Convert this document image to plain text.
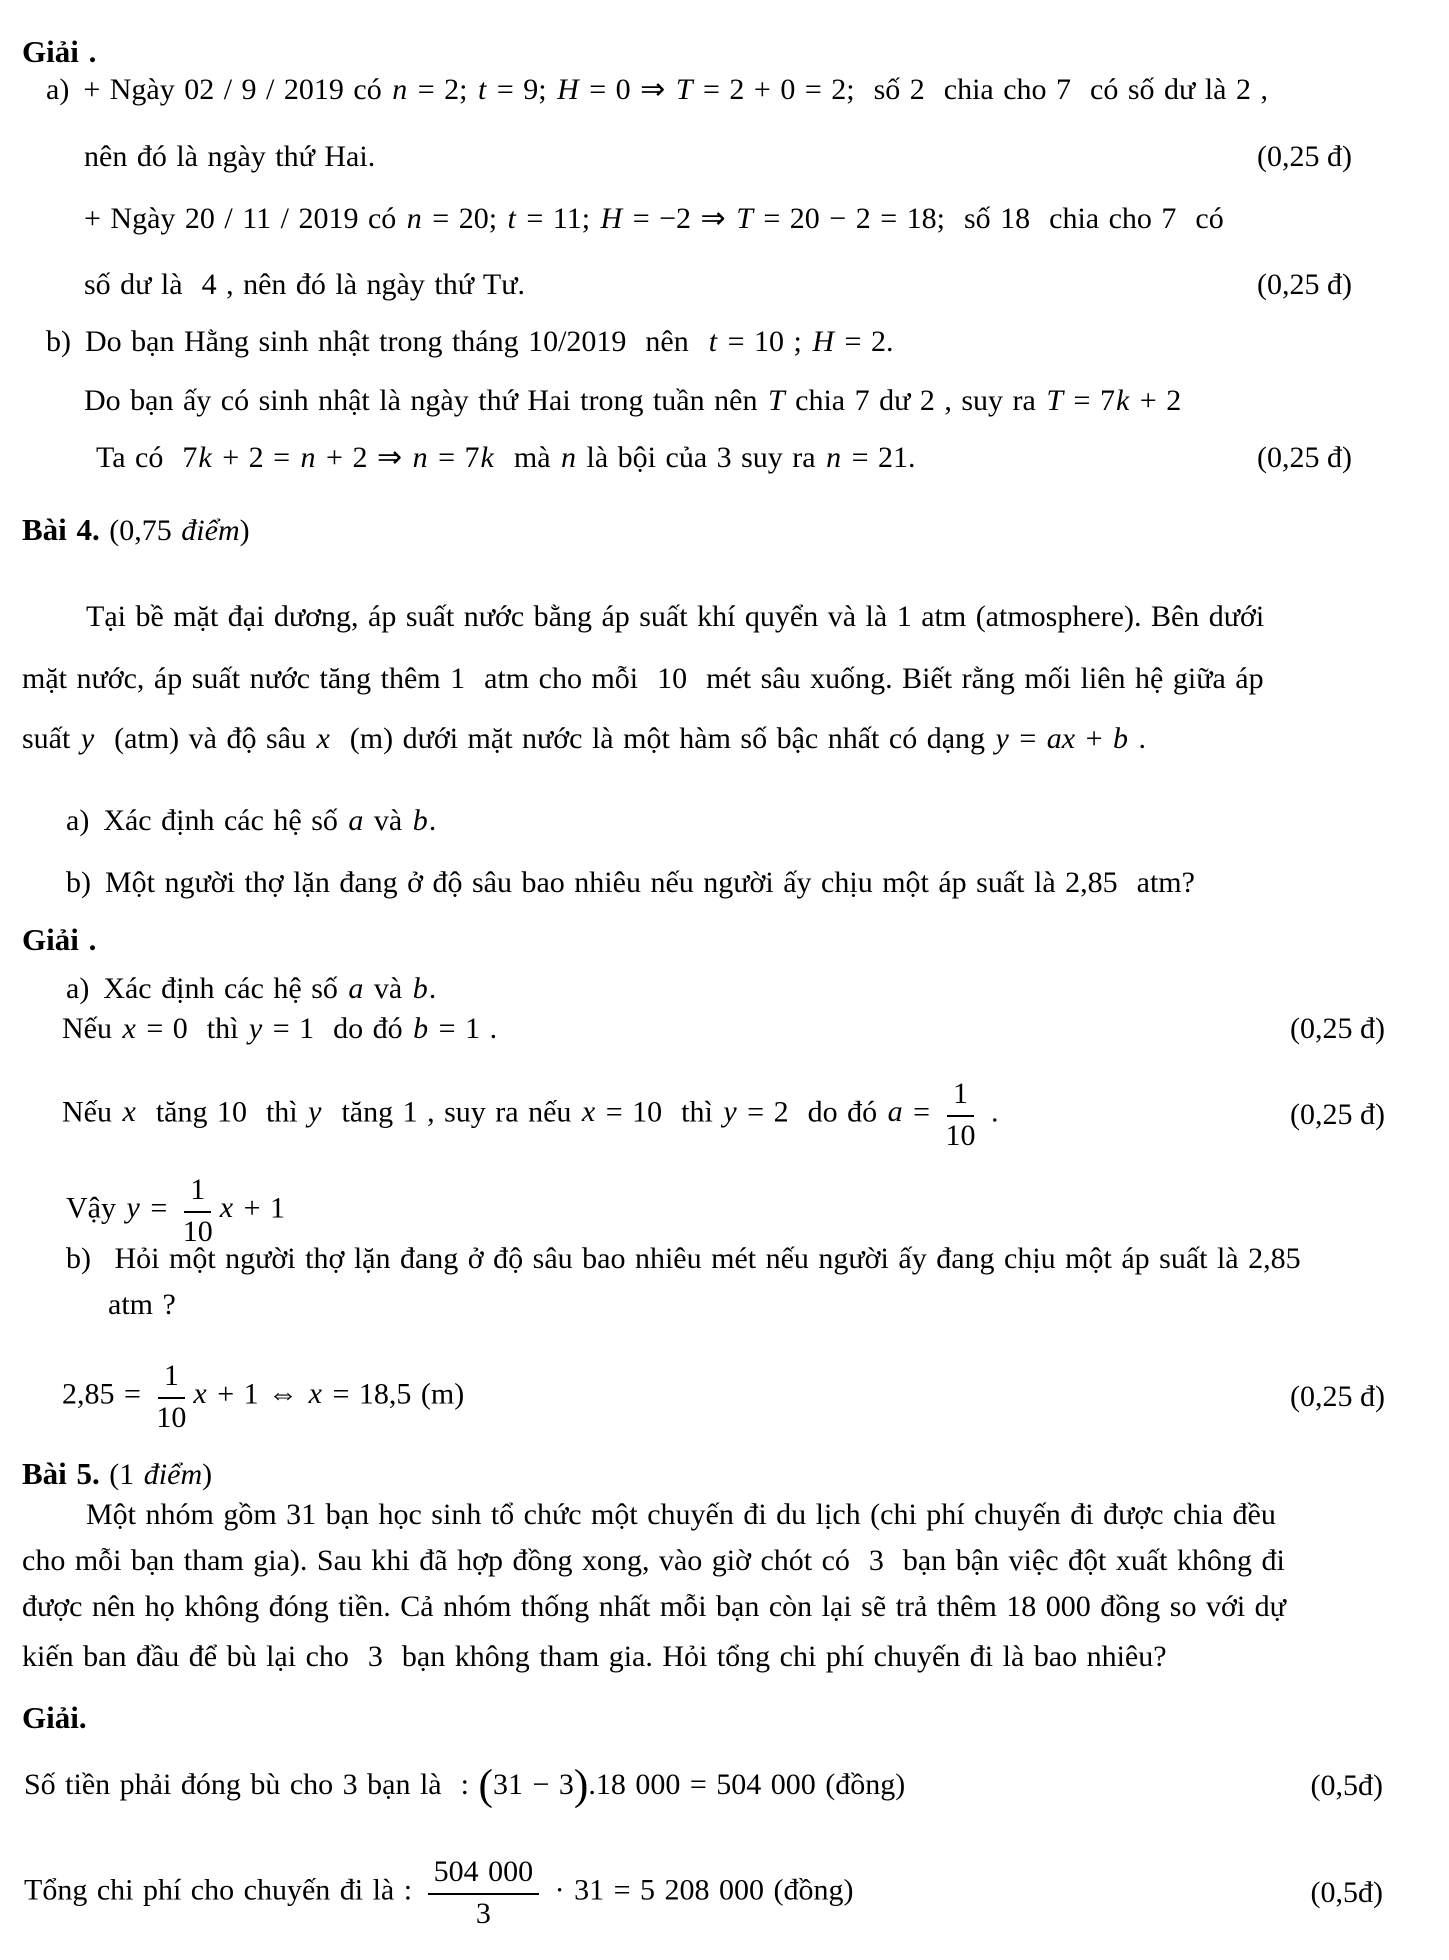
Giải .
a) + Ngày 02 / 9 / 2019 có n = 2; t = 9; H = 0 ⇒ T = 2 + 0 = 2;  số 2  chia cho 7  có số dư là 2 ,
nên đó là ngày thứ Hai.	(0,25 đ)
+ Ngày 20 / 11 / 2019 có n = 20; t = 11; H = −2 ⇒ T = 20 − 2 = 18;  số 18  chia cho 7  có
số dư là  4 , nên đó là ngày thứ Tư.	(0,25 đ)
b) Do bạn Hằng sinh nhật trong tháng 10/2019  nên  t = 10 ; H = 2.
Do bạn ấy có sinh nhật là ngày thứ Hai trong tuần nên T chia 7 dư 2 , suy ra T = 7k + 2
Ta có  7k + 2 = n + 2 ⇒ n = 7k  mà n là bội của 3 suy ra n = 21.	(0,25 đ)
Bài 4. (0,75 điểm)
Tại bề mặt đại dương, áp suất nước bằng áp suất khí quyển và là 1 atm (atmosphere). Bên dưới
mặt nước, áp suất nước tăng thêm 1  atm cho mỗi  10  mét sâu xuống. Biết rằng mối liên hệ giữa áp
suất y  (atm) và độ sâu x  (m) dưới mặt nước là một hàm số bậc nhất có dạng y = ax + b .
a) Xác định các hệ số a và b.
b) Một người thợ lặn đang ở độ sâu bao nhiêu nếu người ấy chịu một áp suất là 2,85  atm?
Giải .
a) Xác định các hệ số a và b.
Nếu x = 0  thì y = 1  do đó b = 1 .	(0,25 đ)
Nếu x  tăng 10  thì y  tăng 1 , suy ra nếu x = 10  thì y = 2  do đó $a = \frac{1}{10}$ .	(0,25 đ)
Vậy $y = \frac{1}{10}$ x + 1
b) Hỏi một người thợ lặn đang ở độ sâu bao nhiêu mét nếu người ấy đang chịu một áp suất là 2,85
atm ?
$2,85 = \frac{1}{10}$ x + 1 ⇔ x = 18,5 (m)	(0,25 đ)
Bài 5. (1 điểm)
Một nhóm gồm 31 bạn học sinh tổ chức một chuyến đi du lịch (chi phí chuyến đi được chia đều
cho mỗi bạn tham gia). Sau khi đã hợp đồng xong, vào giờ chót có  3  bạn bận việc đột xuất không đi
được nên họ không đóng tiền. Cả nhóm thống nhất mỗi bạn còn lại sẽ trả thêm 18 000 đồng so với dự
kiến ban đầu để bù lại cho  3  bạn không tham gia. Hỏi tổng chi phí chuyến đi là bao nhiêu?
Giải.
Số tiền phải đóng bù cho 3 bạn là  : (31 − 3).18 000 = 504 000 (đồng)	(0,5đ)
Tổng chi phí cho chuyến đi là : $\frac{504 000}{3} \cdot 31 = 5$ 208 000 (đồng)	(0,5đ)
